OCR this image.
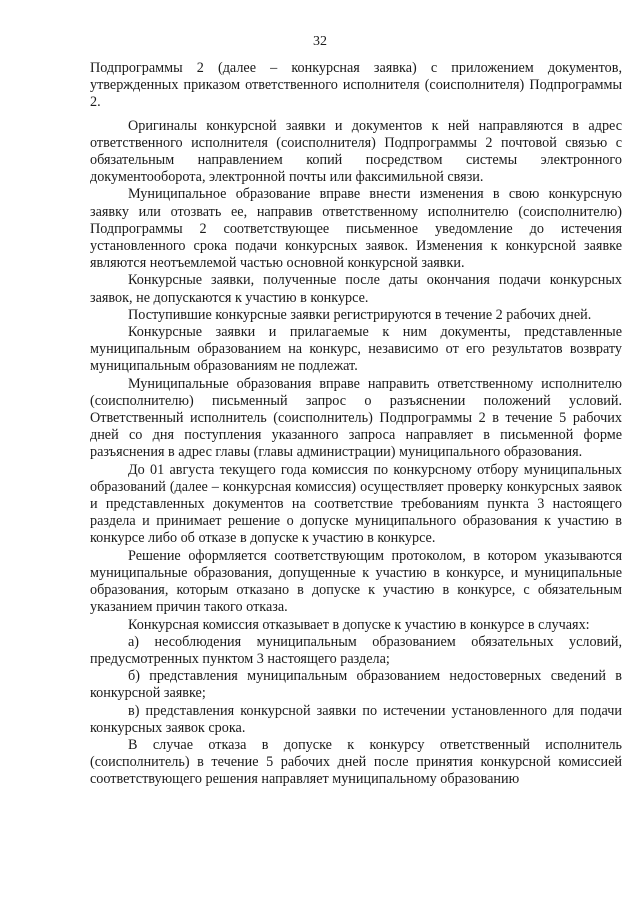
32

Подпрограммы 2 (далее – конкурсная заявка) с приложением документов, утвержденных приказом ответственного исполнителя (соисполнителя) Подпрограммы 2.

Оригиналы конкурсной заявки и документов к ней направляются в адрес ответственного исполнителя (соисполнителя) Подпрограммы 2 почтовой связью с обязательным направлением копий посредством системы электронного документооборота, электронной почты или факсимильной связи.

Муниципальное образование вправе внести изменения в свою конкурсную заявку или отозвать ее, направив ответственному исполнителю (соисполнителю) Подпрограммы 2 соответствующее письменное уведомление до истечения установленного срока подачи конкурсных заявок. Изменения к конкурсной заявке являются неотъемлемой частью основной конкурсной заявки.

Конкурсные заявки, полученные после даты окончания подачи конкурсных заявок, не допускаются к участию в конкурсе.

Поступившие конкурсные заявки регистрируются в течение 2 рабочих дней.

Конкурсные заявки и прилагаемые к ним документы, представленные муниципальным образованием на конкурс, независимо от его результатов возврату муниципальным образованиям не подлежат.

Муниципальные образования вправе направить ответственному исполнителю (соисполнителю) письменный запрос о разъяснении положений условий. Ответственный исполнитель (соисполнитель) Подпрограммы 2 в течение 5 рабочих дней со дня поступления указанного запроса направляет в письменной форме разъяснения в адрес главы (главы администрации) муниципального образования.

До 01 августа текущего года комиссия по конкурсному отбору муниципальных образований (далее – конкурсная комиссия) осуществляет проверку конкурсных заявок и представленных документов на соответствие требованиям пункта 3 настоящего раздела и принимает решение о допуске муниципального образования к участию в конкурсе либо об отказе в допуске к участию в конкурсе.

Решение оформляется соответствующим протоколом, в котором указываются муниципальные образования, допущенные к участию в конкурсе, и муниципальные образования, которым отказано в допуске к участию в конкурсе, с обязательным указанием причин такого отказа.

Конкурсная комиссия отказывает в допуске к участию в конкурсе в случаях:

а) несоблюдения муниципальным образованием обязательных условий, предусмотренных пунктом 3 настоящего раздела;

б) представления муниципальным образованием недостоверных сведений в конкурсной заявке;

в) представления конкурсной заявки по истечении установленного для подачи конкурсных заявок срока.

В случае отказа в допуске к конкурсу ответственный исполнитель (соисполнитель) в течение 5 рабочих дней после принятия конкурсной комиссией соответствующего решения направляет муниципальному образованию
